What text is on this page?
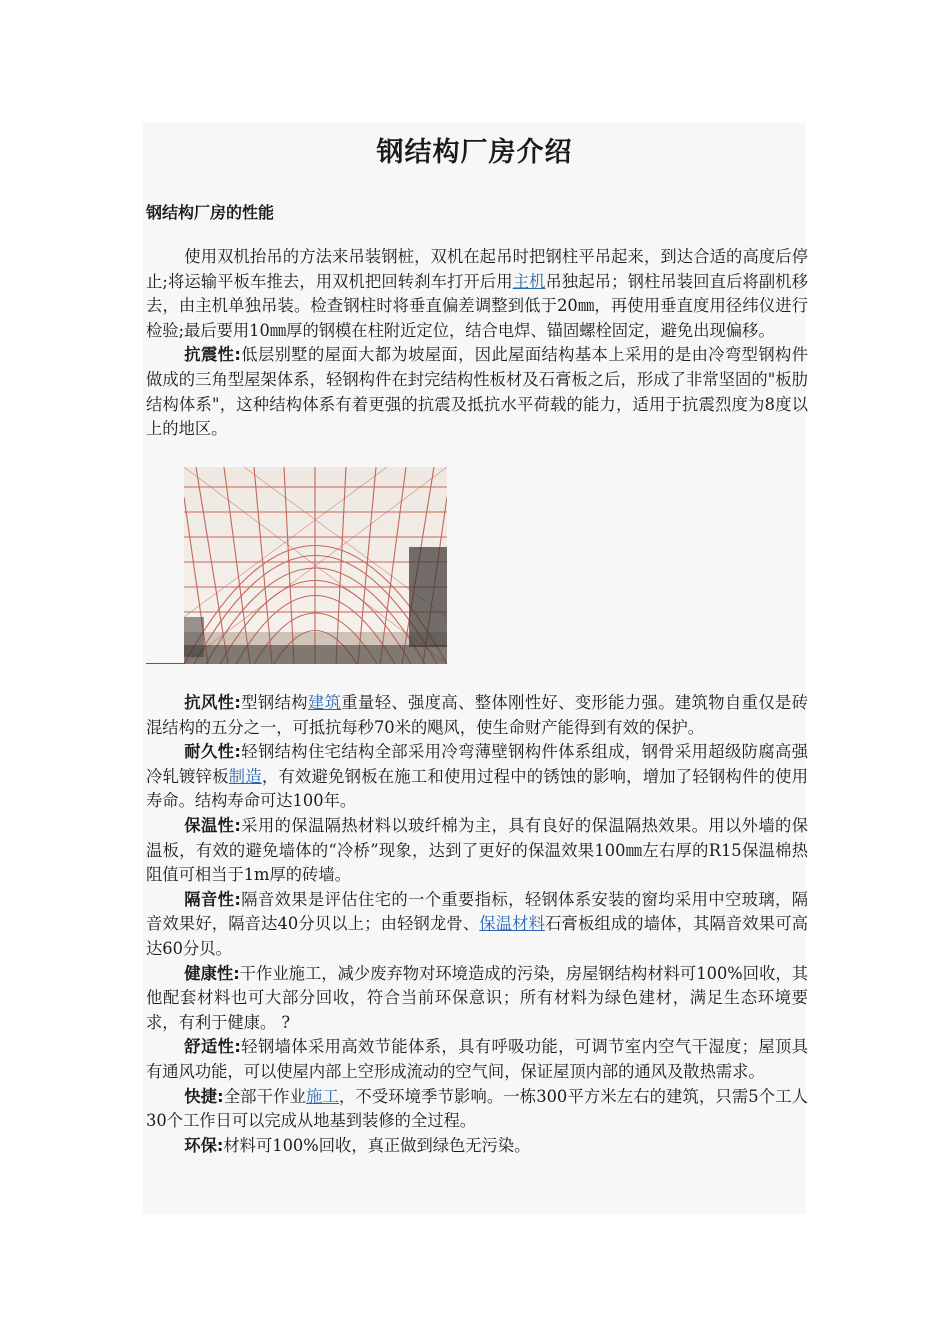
钢结构厂房介绍
钢结构厂房的性能

使用双机抬吊的方法来吊装钢桩，双机在起吊时把钢柱平吊起来，到达合适的高度后停止;将运输平板车推去，用双机把回转刹车打开后用主机吊独起吊；钢柱吊装回直后将副机移去，由主机单独吊装。检查钢柱时将垂直偏差调整到低于20㎜，再使用垂直度用径纬仪进行检验;最后要用10㎜厚的钢模在柱附近定位，结合电焊、锚固螺栓固定，避免出现偏移。

抗震性:低层别墅的屋面大都为坡屋面，因此屋面结构基本上采用的是由冷弯型钢构件做成的三角型屋架体系，轻钢构件在封完结构性板材及石膏板之后，形成了非常坚固的"板肋结构体系"，这种结构体系有着更强的抗震及抵抗水平荷载的能力，适用于抗震烈度为8度以上的地区。

抗风性:型钢结构建筑重量轻、强度高、整体刚性好、变形能力强。建筑物自重仅是砖混结构的五分之一，可抵抗每秒70米的飓风，使生命财产能得到有效的保护。

耐久性:轻钢结构住宅结构全部采用冷弯薄壁钢构件体系组成，钢骨采用超级防腐高强冷轧镀锌板制造，有效避免钢板在施工和使用过程中的锈蚀的影响，增加了轻钢构件的使用寿命。结构寿命可达100年。

保温性:采用的保温隔热材料以玻纤棉为主，具有良好的保温隔热效果。用以外墙的保温板，有效的避免墙体的“冷桥”现象，达到了更好的保温效果100㎜左右厚的R15保温棉热阻值可相当于1m厚的砖墙。

隔音性:隔音效果是评估住宅的一个重要指标，轻钢体系安装的窗均采用中空玻璃，隔音效果好，隔音达40分贝以上；由轻钢龙骨、保温材料石膏板组成的墙体，其隔音效果可高达60分贝。

健康性:干作业施工，减少废弃物对环境造成的污染，房屋钢结构材料可100%回收，其他配套材料也可大部分回收，符合当前环保意识；所有材料为绿色建材，满足生态环境要求，有利于健康。 ?

舒适性:轻钢墙体采用高效节能体系，具有呼吸功能，可调节室内空气干湿度；屋顶具有通风功能，可以使屋内部上空形成流动的空气间，保证屋顶内部的通风及散热需求。

快捷:全部干作业施工，不受环境季节影响。一栋300平方米左右的建筑，只需5个工人30个工作日可以完成从地基到装修的全过程。

环保:材料可100%回收，真正做到绿色无污染。
